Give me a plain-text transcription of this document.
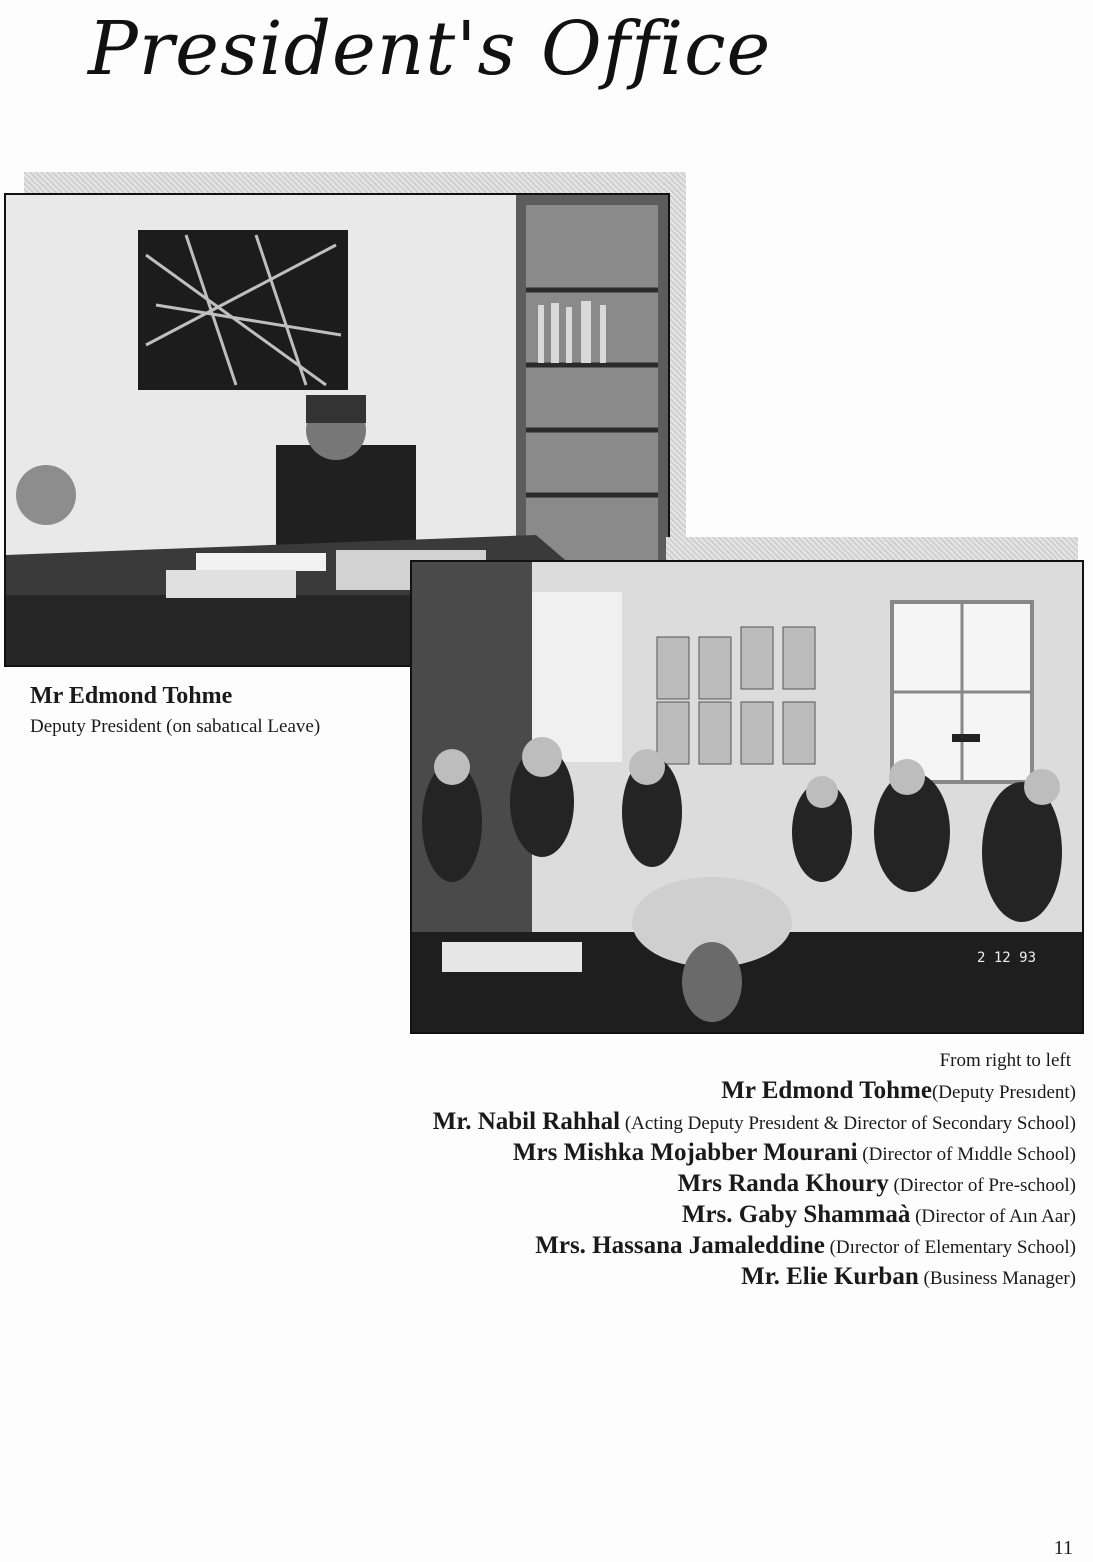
President's Office
Mr Edmond Tohme
Deputy President (on sabatıcal Leave)
2 12 93
From right to left
Mr Edmond Tohme(Deputy Presıdent)
Mr. Nabil Rahhal (Acting Deputy Presıdent & Director of Secondary School)
Mrs Mishka Mojabber Mourani (Director of Mıddle School)
Mrs Randa Khoury (Director of Pre-school)
Mrs. Gaby Shammaà (Director of Aın Aar)
Mrs. Hassana Jamaleddine (Dırector of Elementary School)
Mr. Elie Kurban (Business Manager)
11
